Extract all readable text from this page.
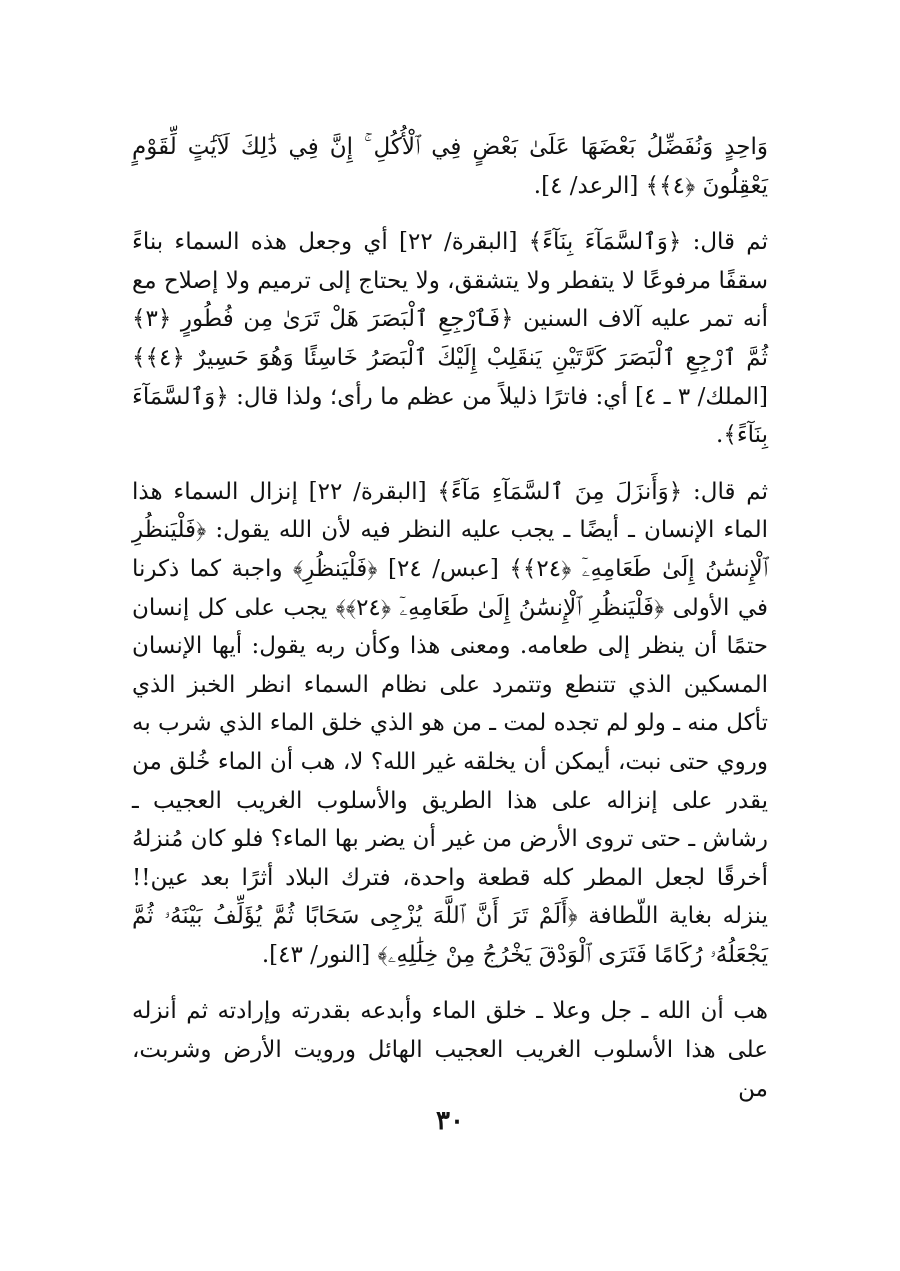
وَاحِدٍ وَنُفَضِّلُ بَعْضَهَا عَلَىٰ بَعْضٍ فِي ٱلْأُكُلِ ۚ إِنَّ فِي ذَٰلِكَ لَآيَٰتٍ لِّقَوْمٍ يَعْقِلُونَ ﴿٤﴾﴾ [الرعد/ ٤].

ثم قال: ﴿وَٱلسَّمَآءَ بِنَآءً﴾ [البقرة/ ٢٢] أي وجعل هذه السماء بناءً سقفًا مرفوعًا لا يتفطر ولا يتشقق، ولا يحتاج إلى ترميم ولا إصلاح مع أنه تمر عليه آلاف السنين ﴿فَٱرْجِعِ ٱلْبَصَرَ هَلْ تَرَىٰ مِن فُطُورٍ ﴿٣﴾ ثُمَّ ٱرْجِعِ ٱلْبَصَرَ كَرَّتَيْنِ يَنقَلِبْ إِلَيْكَ ٱلْبَصَرُ خَاسِئًا وَهُوَ حَسِيرٌ ﴿٤﴾﴾ [الملك/ ٣ ـ ٤] أي: فاترًا ذليلاً من عظم ما رأى؛ ولذا قال: ﴿وَٱلسَّمَآءَ بِنَآءً﴾.

ثم قال: ﴿وَأَنزَلَ مِنَ ٱلسَّمَآءِ مَآءً﴾ [البقرة/ ٢٢] إنزال السماء هذا الماء الإنسان ـ أيضًا ـ يجب عليه النظر فيه لأن الله يقول: ﴿فَلْيَنظُرِ ٱلْإِنسَٰنُ إِلَىٰ طَعَامِهِۦٓ ﴿٢٤﴾﴾ [عبس/ ٢٤] ﴿فَلْيَنظُرِ﴾ واجبة كما ذكرنا في الأولى ﴿فَلْيَنظُرِ ٱلْإِنسَٰنُ إِلَىٰ طَعَامِهِۦٓ ﴿٢٤﴾﴾ يجب على كل إنسان حتمًا أن ينظر إلى طعامه. ومعنى هذا وكأن ربه يقول: أيها الإنسان المسكين الذي تتنطع وتتمرد على نظام السماء انظر الخبز الذي تأكل منه ـ ولو لم تجده لمت ـ من هو الذي خلق الماء الذي شرب به وروي حتى نبت، أيمكن أن يخلقه غير الله؟ لا، هب أن الماء خُلق من يقدر على إنزاله على هذا الطريق والأسلوب الغريب العجيب ـ رشاش ـ حتى تروى الأرض من غير أن يضر بها الماء؟ فلو كان مُنزلهُ أخرقًا لجعل المطر كله قطعة واحدة، فترك البلاد أثرًا بعد عين!! ينزله بغاية اللّطافة ﴿أَلَمْ تَرَ أَنَّ ٱللَّهَ يُزْجِى سَحَابًا ثُمَّ يُؤَلِّفُ بَيْنَهُۥ ثُمَّ يَجْعَلُهُۥ رُكَامًا فَتَرَى ٱلْوَدْقَ يَخْرُجُ مِنْ خِلَٰلِهِۦ﴾ [النور/ ٤٣].

هب أن الله ـ جل وعلا ـ خلق الماء وأبدعه بقدرته وإرادته ثم أنزله على هذا الأسلوب الغريب العجيب الهائل ورويت الأرض وشربت، من

٣٠
